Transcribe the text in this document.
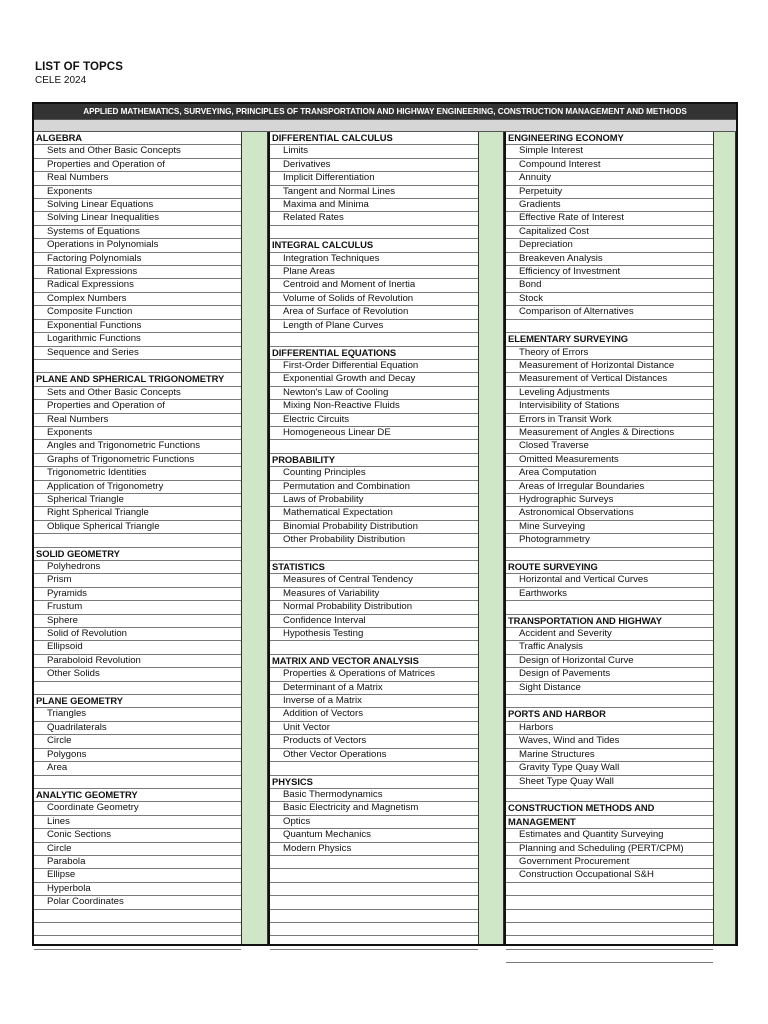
LIST OF TOPCS
CELE 2024
APPLIED MATHEMATICS, SURVEYING, PRINCIPLES OF TRANSPORTATION AND HIGHWAY ENGINEERING, CONSTRUCTION MANAGEMENT AND METHODS
ALGEBRA
Sets and Other Basic Concepts
Properties and Operation of
Real Numbers
Exponents
Solving Linear Equations
Solving Linear Inequalities
Systems of Equations
Operations in Polynomials
Factoring Polynomials
Rational Expressions
Radical Expressions
Complex Numbers
Composite Function
Exponential Functions
Logarithmic Functions
Sequence and Series
PLANE AND SPHERICAL TRIGONOMETRY
Sets and Other Basic Concepts
Properties and Operation of
Real Numbers
Exponents
Angles and Trigonometric Functions
Graphs of Trigonometric Functions
Trigonometric Identities
Application of Trigonometry
Spherical Triangle
Right Spherical Triangle
Oblique Spherical Triangle
SOLID GEOMETRY
Polyhedrons
Prism
Pyramids
Frustum
Sphere
Solid of Revolution
Ellipsoid
Paraboloid Revolution
Other Solids
PLANE GEOMETRY
Triangles
Quadrilaterals
Circle
Polygons
Area
ANALYTIC GEOMETRY
Coordinate Geometry
Lines
Conic Sections
Circle
Parabola
Ellipse
Hyperbola
Polar Coordinates
DIFFERENTIAL CALCULUS
Limits
Derivatives
Implicit Differentiation
Tangent and Normal Lines
Maxima and Minima
Related Rates
INTEGRAL CALCULUS
Integration Techniques
Plane Areas
Centroid and Moment of Inertia
Volume of Solids of Revolution
Area of Surface of Revolution
Length of Plane Curves
DIFFERENTIAL EQUATIONS
First-Order Differential Equation
Exponential Growth and Decay
Newton's Law of Cooling
Mixing Non-Reactive Fluids
Electric Circuits
Homogeneous Linear DE
PROBABILITY
Counting Principles
Permutation and Combination
Laws of Probability
Mathematical Expectation
Binomial Probability Distribution
Other Probability Distribution
STATISTICS
Measures of Central Tendency
Measures of Variability
Normal Probability Distribution
Confidence Interval
Hypothesis Testing
MATRIX AND VECTOR ANALYSIS
Properties & Operations of Matrices
Determinant of a Matrix
Inverse of a Matrix
Addition of Vectors
Unit Vector
Products of Vectors
Other Vector Operations
PHYSICS
Basic Thermodynamics
Basic Electricity and Magnetism
Optics
Quantum Mechanics
Modern Physics
ENGINEERING ECONOMY
Simple Interest
Compound Interest
Annuity
Perpetuity
Gradients
Effective Rate of Interest
Capitalized Cost
Depreciation
Breakeven Analysis
Efficiency of Investment
Bond
Stock
Comparison of Alternatives
ELEMENTARY SURVEYING
Theory of Errors
Measurement of Horizontal Distance
Measurement of Vertical Distances
Leveling Adjustments
Intervisibility of Stations
Errors in Transit Work
Measurement of Angles & Directions
Closed Traverse
Omitted Measurements
Area Computation
Areas of Irregular Boundaries
Hydrographic Surveys
Astronomical Observations
Mine Surveying
Photogrammetry
ROUTE SURVEYING
Horizontal and Vertical Curves
Earthworks
TRANSPORTATION AND HIGHWAY
Accident and Severity
Traffic Analysis
Design of Horizontal Curve
Design of Pavements
Sight Distance
PORTS AND HARBOR
Harbors
Waves, Wind and Tides
Marine Structures
Gravity Type Quay Wall
Sheet Type Quay Wall
CONSTRUCTION METHODS AND
MANAGEMENT
Estimates and Quantity Surveying
Planning and Scheduling (PERT/CPM)
Government Procurement
Construction Occupational S&H
